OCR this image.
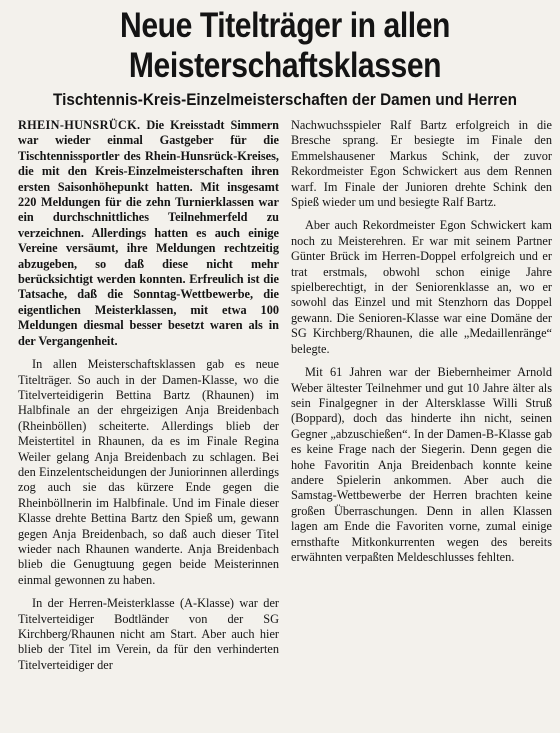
Neue Titelträger in allen
Meisterschaftsklassen
Tischtennis-Kreis-Einzelmeisterschaften der Damen und Herren

RHEIN-HUNSRÜCK. Die Kreisstadt Simmern war wieder einmal Gastgeber für die Tischtennissportler des Rhein-Hunsrück-Kreises, die mit den Kreis-Einzelmeisterschaften ihren ersten Saisonhöhepunkt hatten. Mit insgesamt 220 Meldungen für die zehn Turnierklassen war ein durchschnittliches Teilnehmerfeld zu verzeichnen. Allerdings hatten es auch einige Vereine versäumt, ihre Meldungen rechtzeitig abzugeben, so daß diese nicht mehr berücksichtigt werden konnten. Erfreulich ist die Tatsache, daß die Sonntag-Wettbewerbe, die eigentlichen Meisterklassen, mit etwa 100 Meldungen diesmal besser besetzt waren als in der Vergangenheit.

In allen Meisterschaftsklassen gab es neue Titelträger. So auch in der Damen-Klasse, wo die Titelverteidigerin Bettina Bartz (Rhaunen) im Halbfinale an der ehrgeizigen Anja Breidenbach (Rheinböllen) scheiterte. Allerdings blieb der Meistertitel in Rhaunen, da es im Finale Regina Weiler gelang Anja Breidenbach zu schlagen. Bei den Einzelentscheidungen der Juniorinnen allerdings zog auch sie das kürzere Ende gegen die Rheinböllnerin im Halbfinale. Und im Finale dieser Klasse drehte Bettina Bartz den Spieß um, gewann gegen Anja Breidenbach, so daß auch dieser Titel wieder nach Rhaunen wanderte. Anja Breidenbach blieb die Genugtuung gegen beide Meisterinnen einmal gewonnen zu haben.

In der Herren-Meisterklasse (A-Klasse) war der Titelverteidiger Bodtländer von der SG Kirchberg/Rhaunen nicht am Start. Aber auch hier blieb der Titel im Verein, da für den verhinderten Titelverteidiger der

Nachwuchsspieler Ralf Bartz erfolgreich in die Bresche sprang. Er besiegte im Finale den Emmelshausener Markus Schink, der zuvor Rekordmeister Egon Schwickert aus dem Rennen warf. Im Finale der Junioren drehte Schink den Spieß wieder um und besiegte Ralf Bartz.

Aber auch Rekordmeister Egon Schwickert kam noch zu Meisterehren. Er war mit seinem Partner Günter Brück im Herren-Doppel erfolgreich und er trat erstmals, obwohl schon einige Jahre spielberechtigt, in der Seniorenklasse an, wo er sowohl das Einzel und mit Stenzhorn das Doppel gewann. Die Senioren-Klasse war eine Domäne der SG Kirchberg/Rhaunen, die alle „Medaillenränge“ belegte.

Mit 61 Jahren war der Biebernheimer Arnold Weber ältester Teilnehmer und gut 10 Jahre älter als sein Finalgegner in der Altersklasse Willi Struß (Boppard), doch das hinderte ihn nicht, seinen Gegner „abzuschießen“. In der Damen-B-Klasse gab es keine Frage nach der Siegerin. Denn gegen die hohe Favoritin Anja Breidenbach konnte keine andere Spielerin ankommen. Aber auch die Samstag-Wettbewerbe der Herren brachten keine großen Überraschungen. Denn in allen Klassen lagen am Ende die Favoriten vorne, zumal einige ernsthafte Mitkonkurrenten wegen des bereits erwähnten verpaßten Meldeschlusses fehlten.
